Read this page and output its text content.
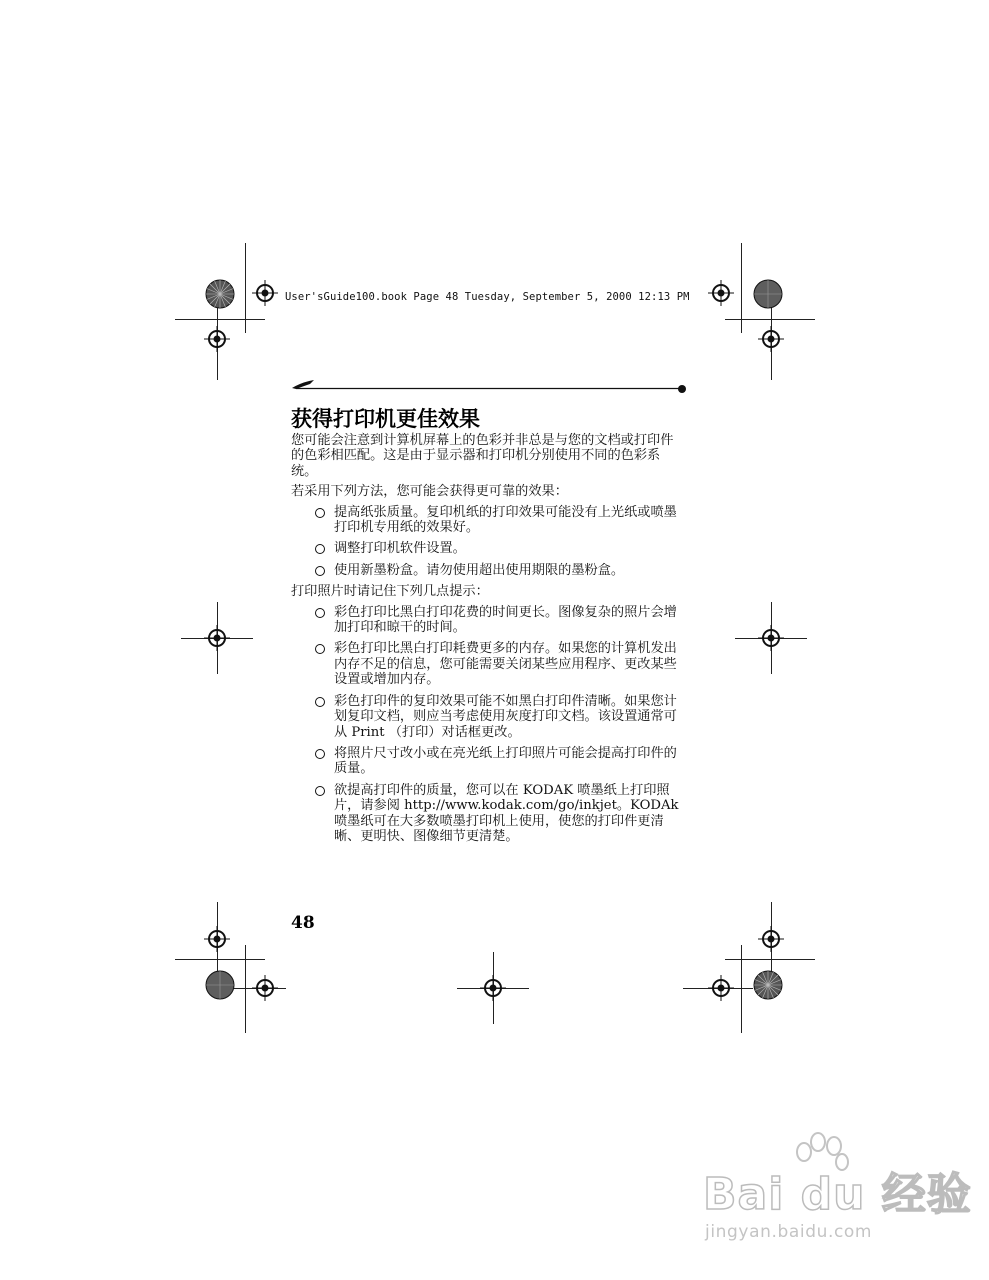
User'sGuide100.book Page 48 Tuesday, September 5, 2000 12:13 PM
获得打印机更佳效果

您可能会注意到计算机屏幕上的色彩并非总是与您的文档或打印件的色彩相匹配。这是由于显示器和打印机分别使用不同的色彩系统。

若采用下列方法，您可能会获得更可靠的效果：

提高纸张质量。复印机纸的打印效果可能没有上光纸或喷墨打印机专用纸的效果好。
调整打印机软件设置。
使用新墨粉盒。请勿使用超出使用期限的墨粉盒。

打印照片时请记住下列几点提示：

彩色打印比黑白打印花费的时间更长。图像复杂的照片会增加打印和晾干的时间。
彩色打印比黑白打印耗费更多的内存。如果您的计算机发出内存不足的信息，您可能需要关闭某些应用程序、更改某些设置或增加内存。
彩色打印件的复印效果可能不如黑白打印件清晰。如果您计划复印文档，则应当考虑使用灰度打印文档。该设置通常可从 Print （打印）对话框更改。
将照片尺寸改小或在亮光纸上打印照片可能会提高打印件的质量。
欲提高打印件的质量，您可以在 KODAK 喷墨纸上打印照片，请参阅 http://www.kodak.com/go/inkjet。KODAk 喷墨纸可在大多数喷墨打印机上使用，使您的打印件更清晰、更明快、图像细节更清楚。
48
Bai du 经验
jingyan.baidu.com
